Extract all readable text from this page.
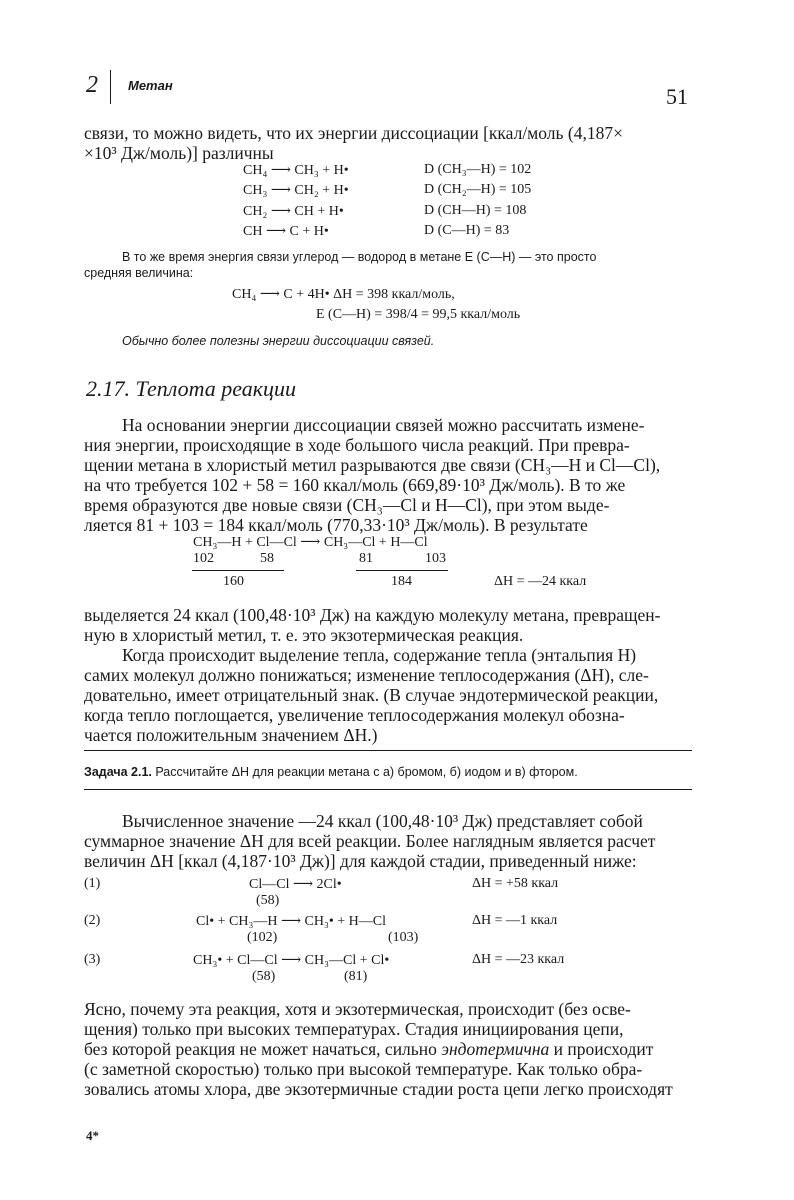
2 Метан	51
связи, то можно видеть, что их энергии диссоциации [ккал/моль (4,187×
×10³ Дж/моль)] различны
CH₄ ⟶ CH₃ + H•	D (CH₃—H) = 102
CH₃ ⟶ CH₂ + H•	D (CH₂—H) = 105
CH₂ ⟶ CH + H•	D (CH—H) = 108
CH ⟶ C + H•	D (C—H) = 83
В то же время энергия связи углерод — водород в метане E (C—H) — это просто
средняя величина:
CH₄ ⟶ C + 4H• ΔH = 398 ккал/моль,
E (C—H) = 398/4 = 99,5 ккал/моль
Обычно более полезны энергии диссоциации связей.
2.17. Теплота реакции
На основании энергии диссоциации связей можно рассчитать измене-
ния энергии, происходящие в ходе большого числа реакций. При превра-
щении метана в хлористый метил разрываются две связи (CH₃—H и Cl—Cl),
на что требуется 102 + 58 = 160 ккал/моль (669,89·10³ Дж/моль). В то же
время образуются две новые связи (CH₃—Cl и H—Cl), при этом выде-
ляется 81 + 103 = 184 ккал/моль (770,33·10³ Дж/моль). В результате
CH₃—H + Cl—Cl ⟶ CH₃—Cl + H—Cl
102	58	81	103
160	184	ΔH = —24 ккал
выделяется 24 ккал (100,48·10³ Дж) на каждую молекулу метана, превращен-
ную в хлористый метил, т. е. это экзотермическая реакция.
Когда происходит выделение тепла, содержание тепла (энтальпия H)
самих молекул должно понижаться; изменение теплосодержания (ΔH), сле-
довательно, имеет отрицательный знак. (В случае эндотермической реакции,
когда тепло поглощается, увеличение теплосодержания молекул обозна-
чается положительным значением ΔH.)
Задача 2.1. Рассчитайте ΔH для реакции метана с а) бромом, б) иодом и в) фтором.
Вычисленное значение —24 ккал (100,48·10³ Дж) представляет собой
суммарное значение ΔH для всей реакции. Более наглядным является расчет
величин ΔH [ккал (4,187·10³ Дж)] для каждой стадии, приведенный ниже:
(1)	Cl—Cl ⟶ 2Cl•
(58)
ΔH = +58 ккал
(2)	Cl• + CH₃—H ⟶ CH₃• + H—Cl
(102)	(103)
ΔH = —1 ккал
(3)	CH₃• + Cl—Cl ⟶ CH₃—Cl + Cl•
(58)	(81)
ΔH = —23 ккал
Ясно, почему эта реакция, хотя и экзотермическая, происходит (без осве-
щения) только при высоких температурах. Стадия инициирования цепи,
без которой реакция не может начаться, сильно эндотермична и происходит
(с заметной скоростью) только при высокой температуре. Как только обра-
зовались атомы хлора, две экзотермичные стадии роста цепи легко происходят
4*
